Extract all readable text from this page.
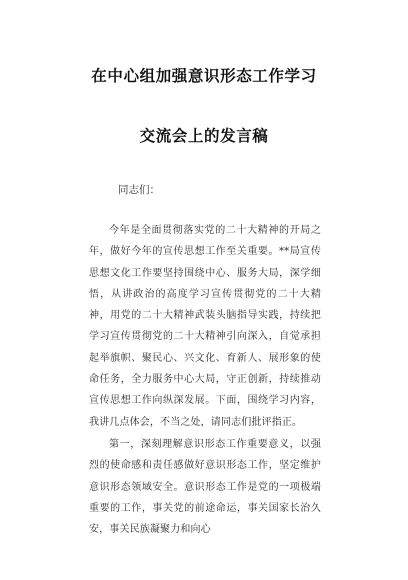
在中心组加强意识形态工作学习
交流会上的发言稿

同志们：

今年是全面贯彻落实党的二十大精神的开局之年，做好今年的宣传思想工作至关重要。**局宣传思想文化工作要坚持围绕中心、服务大局，深学细悟，从讲政治的高度学习宣传贯彻党的二十大精神，用党的二十大精神武装头脑指导实践，持续把学习宣传贯彻党的二十大精神引向深入，自觉承担起举旗帜、聚民心、兴文化、育新人、展形象的使命任务，全力服务中心大局，守正创新，持续推动宣传思想工作向纵深发展。下面，围绕学习内容，我讲几点体会，不当之处，请同志们批评指正。

第一，深刻理解意识形态工作重要意义，以强烈的使命感和责任感做好意识形态工作，坚定维护意识形态领域安全。意识形态工作是党的一项极端重要的工作，事关党的前途命运，事关国家长治久安，事关民族凝聚力和向心
